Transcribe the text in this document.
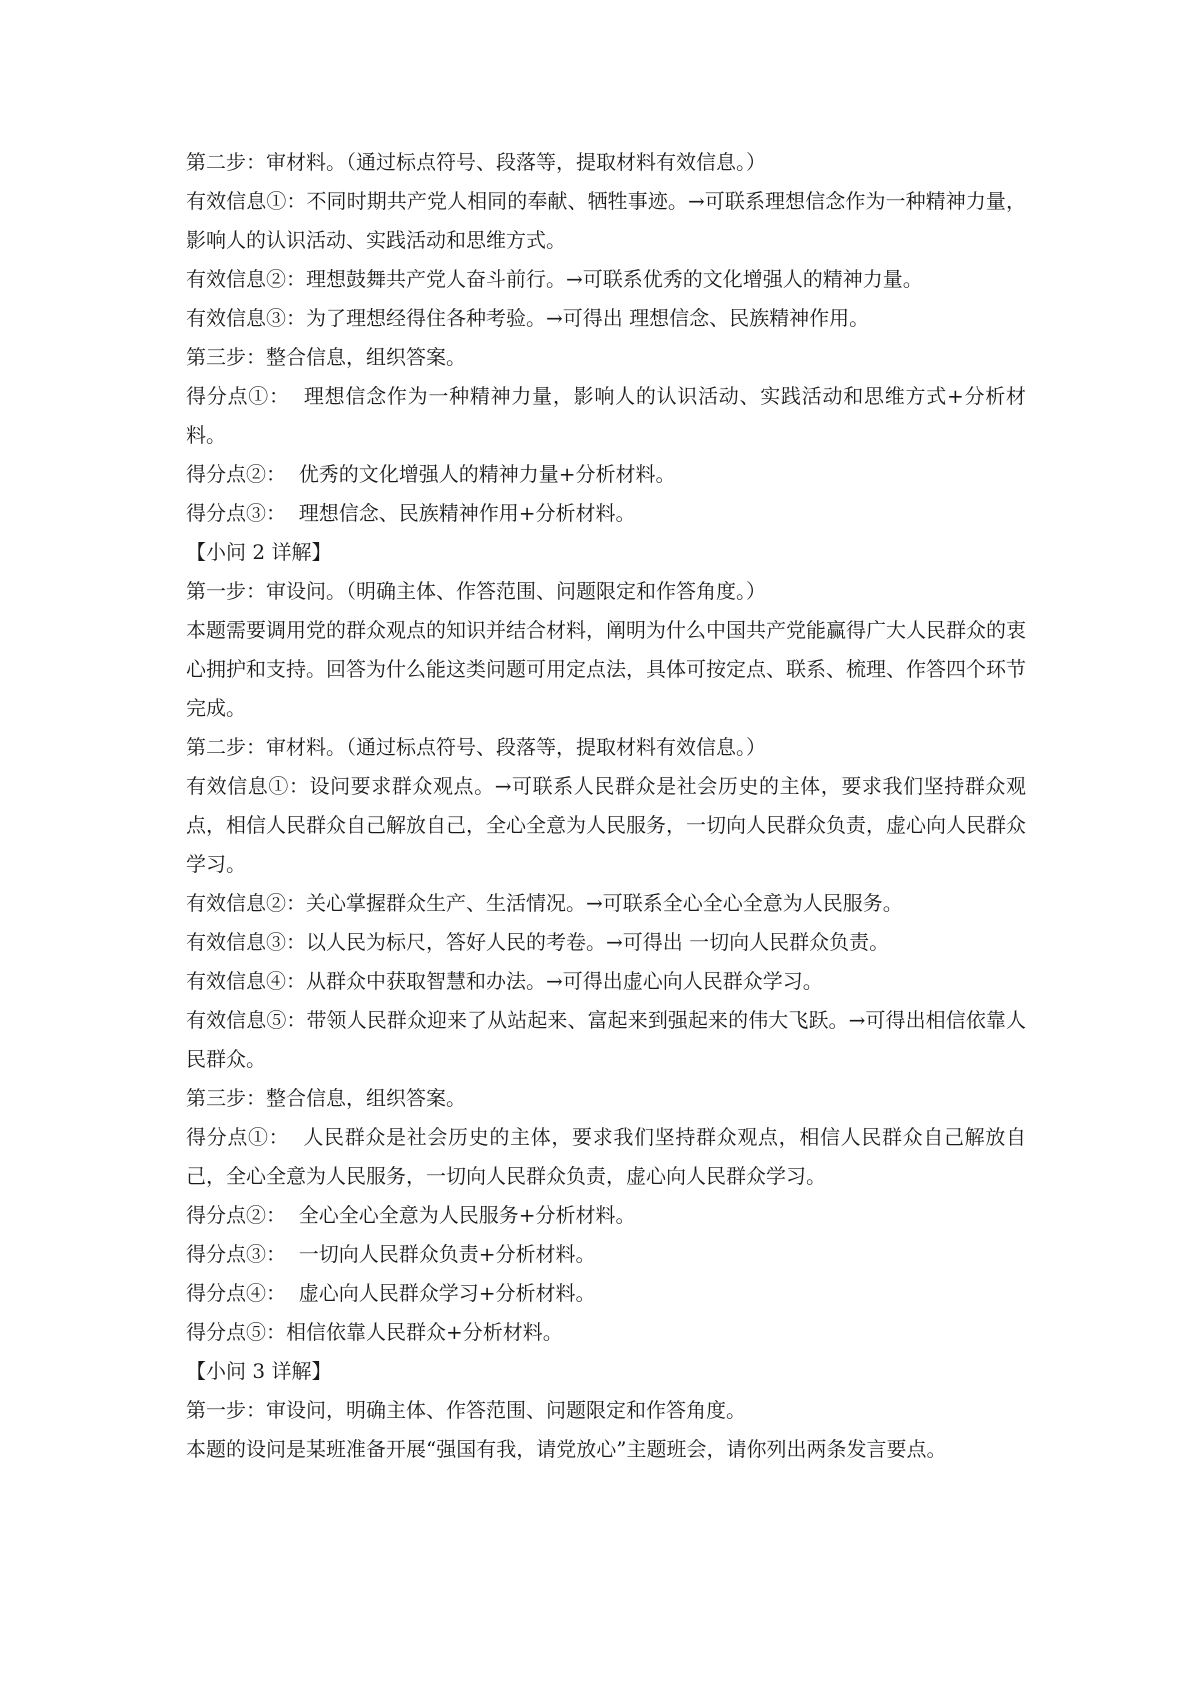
第二步：审材料。（通过标点符号、段落等，提取材料有效信息。）

有效信息①：不同时期共产党人相同的奉献、牺牲事迹。→可联系理想信念作为一种精神力量，影响人的认识活动、实践活动和思维方式。

有效信息②：理想鼓舞共产党人奋斗前行。→可联系优秀的文化增强人的精神力量。

有效信息③：为了理想经得住各种考验。→可得出 理想信念、民族精神作用。

第三步：整合信息，组织答案。

得分点①：  理想信念作为一种精神力量，影响人的认识活动、实践活动和思维方式+分析材料。

得分点②：  优秀的文化增强人的精神力量+分析材料。

得分点③：  理想信念、民族精神作用+分析材料。

【小问 2 详解】

第一步：审设问。（明确主体、作答范围、问题限定和作答角度。）

本题需要调用党的群众观点的知识并结合材料，阐明为什么中国共产党能赢得广大人民群众的衷心拥护和支持。回答为什么能这类问题可用定点法，具体可按定点、联系、梳理、作答四个环节完成。

第二步：审材料。（通过标点符号、段落等，提取材料有效信息。）

有效信息①：设问要求群众观点。→可联系人民群众是社会历史的主体，要求我们坚持群众观点，相信人民群众自己解放自己，全心全意为人民服务，一切向人民群众负责，虚心向人民群众学习。

有效信息②：关心掌握群众生产、生活情况。→可联系全心全心全意为人民服务。

有效信息③：以人民为标尺，答好人民的考卷。→可得出 一切向人民群众负责。

有效信息④：从群众中获取智慧和办法。→可得出虚心向人民群众学习。

有效信息⑤：带领人民群众迎来了从站起来、富起来到强起来的伟大飞跃。→可得出相信依靠人民群众。

第三步：整合信息，组织答案。

得分点①：  人民群众是社会历史的主体，要求我们坚持群众观点，相信人民群众自己解放自己，全心全意为人民服务，一切向人民群众负责，虚心向人民群众学习。

得分点②：  全心全心全意为人民服务+分析材料。

得分点③：  一切向人民群众负责+分析材料。

得分点④：  虚心向人民群众学习+分析材料。

得分点⑤：相信依靠人民群众+分析材料。

【小问 3 详解】

第一步：审设问，明确主体、作答范围、问题限定和作答角度。

本题的设问是某班准备开展“强国有我，请党放心”主题班会，请你列出两条发言要点。
